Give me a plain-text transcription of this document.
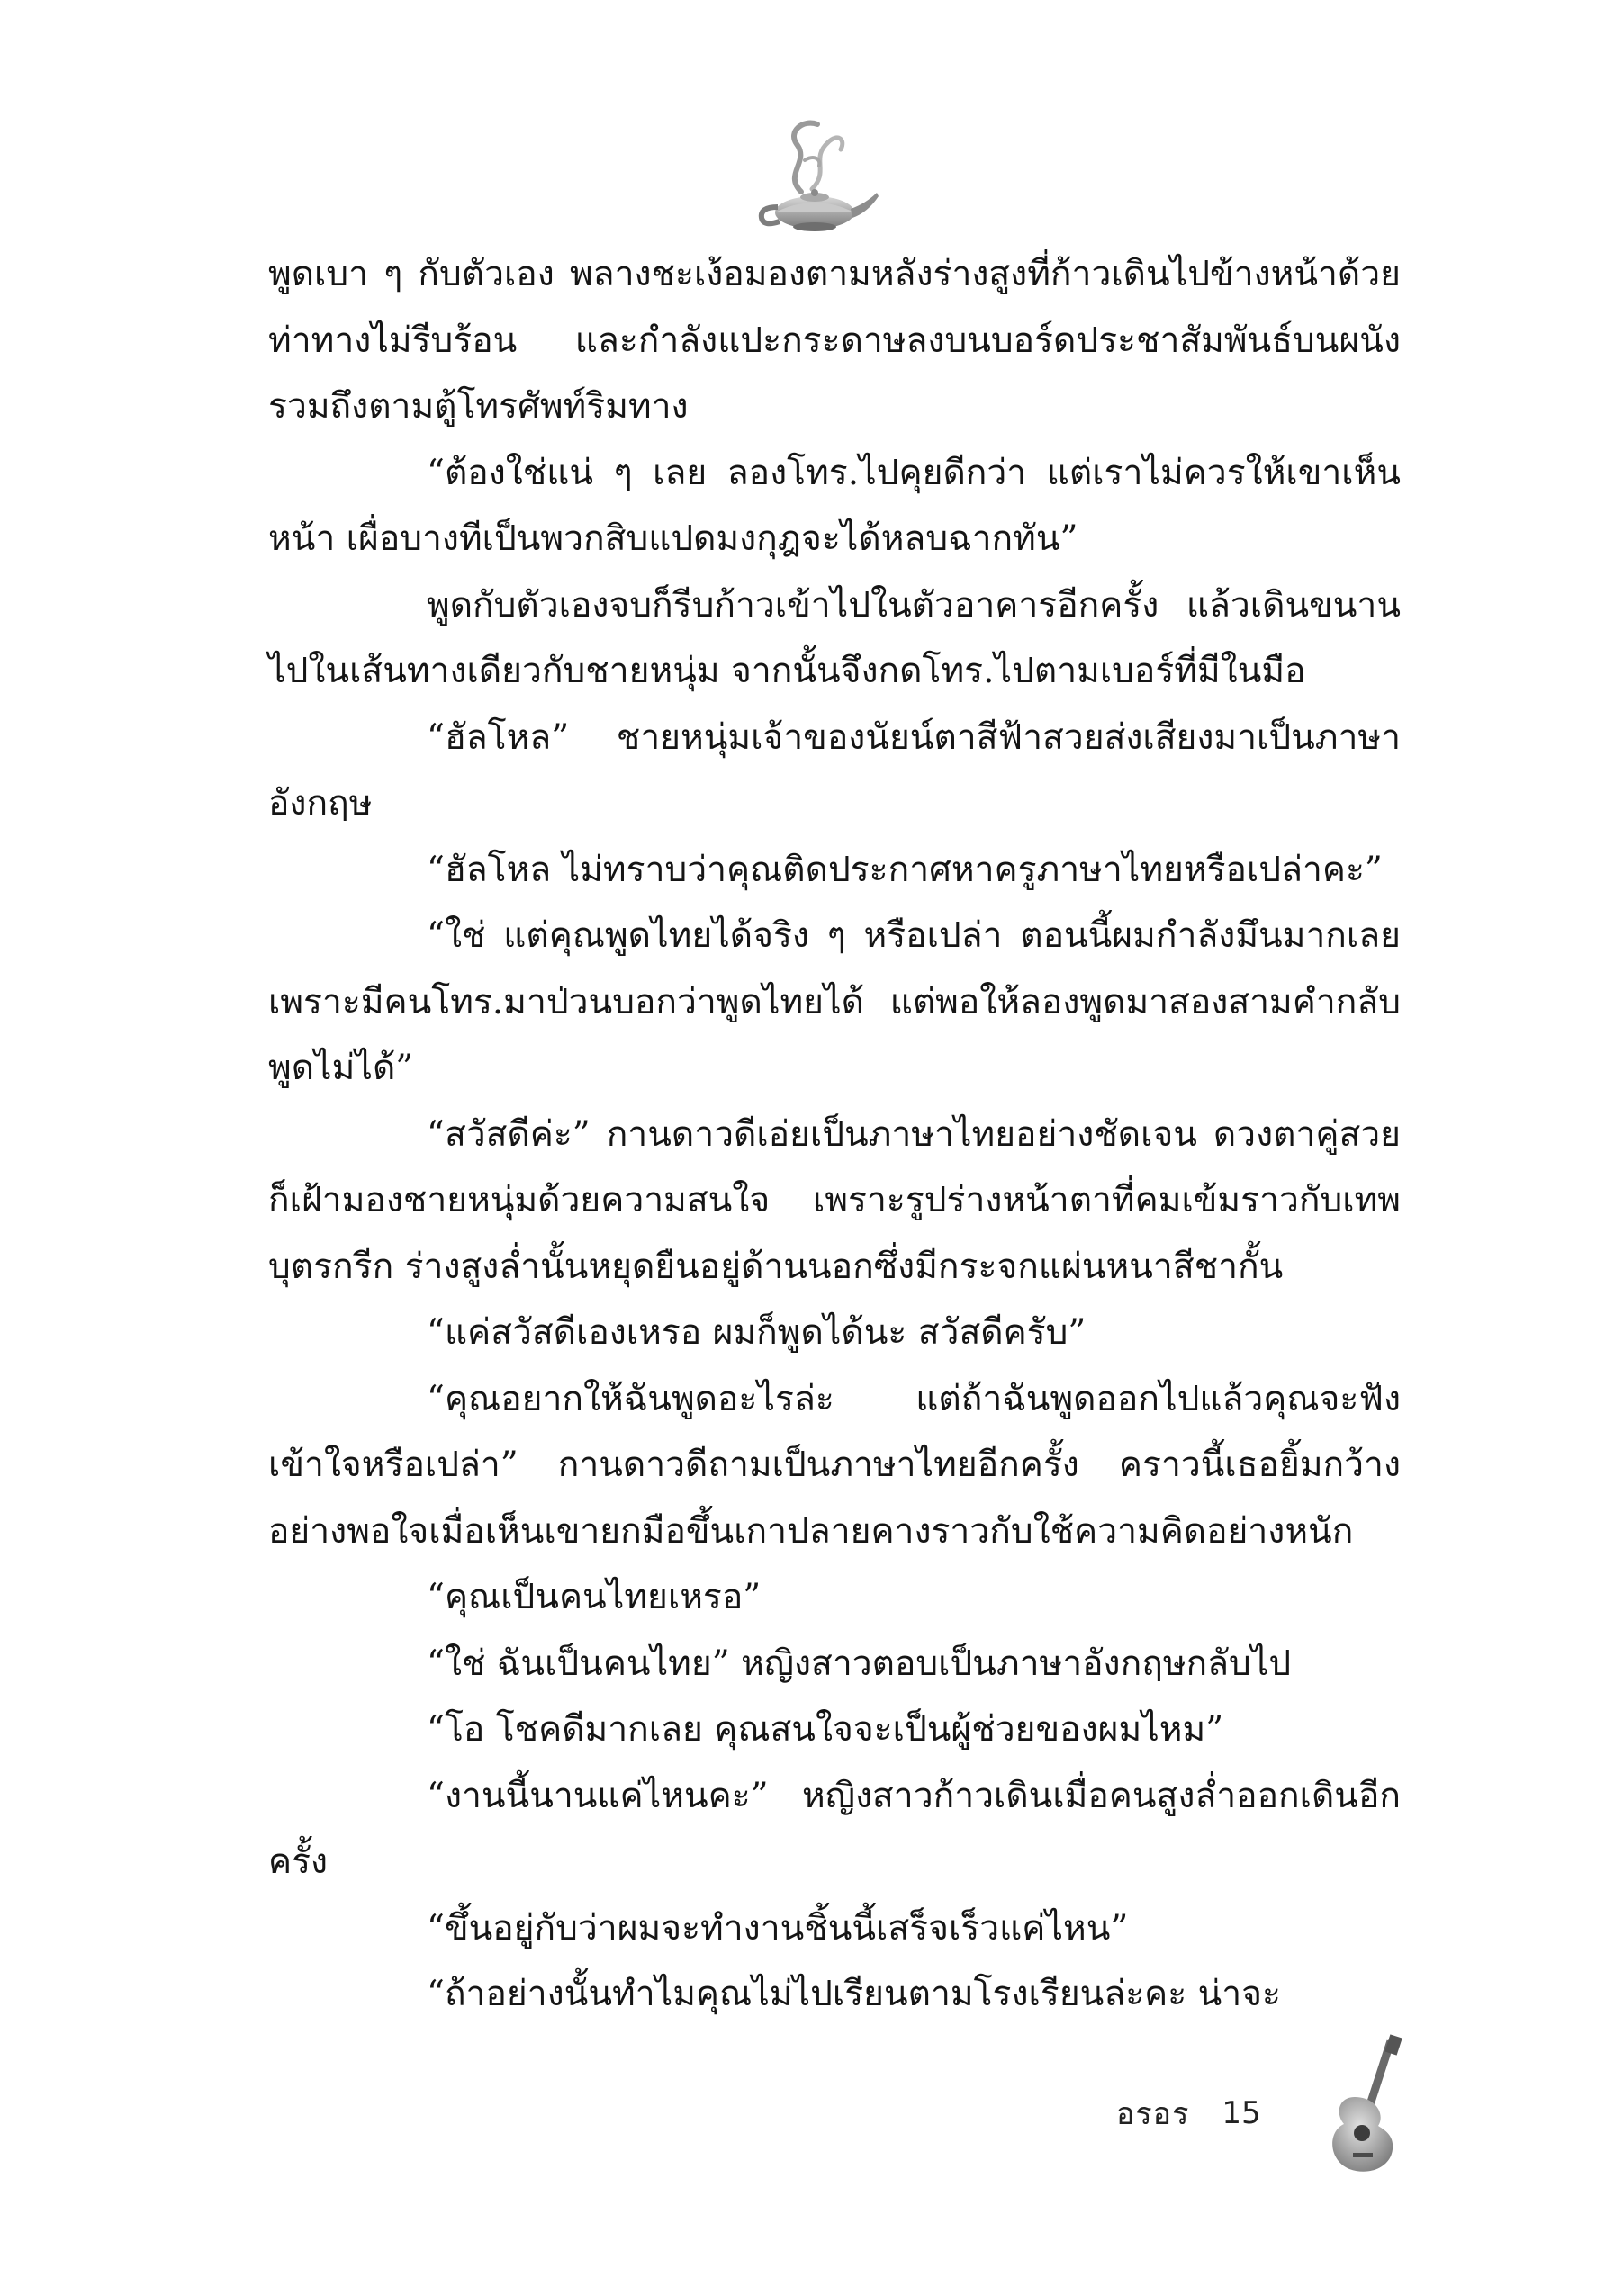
พูดเบา ๆ กับตัวเอง พลางชะเง้อมองตามหลังร่างสูงที่ก้าวเดินไปข้างหน้าด้วยท่าทางไม่รีบร้อน และกำลังแปะกระดาษลงบนบอร์ดประชาสัมพันธ์บนผนังรวมถึงตามตู้โทรศัพท์ริมทาง

“ต้องใช่แน่ ๆ เลย ลองโทร.ไปคุยดีกว่า แต่เราไม่ควรให้เขาเห็นหน้า เผื่อบางทีเป็นพวกสิบแปดมงกุฎจะได้หลบฉากทัน”

พูดกับตัวเองจบก็รีบก้าวเข้าไปในตัวอาคารอีกครั้ง แล้วเดินขนานไปในเส้นทางเดียวกับชายหนุ่ม จากนั้นจึงกดโทร.ไปตามเบอร์ที่มีในมือ

“ฮัลโหล” ชายหนุ่มเจ้าของนัยน์ตาสีฟ้าสวยส่งเสียงมาเป็นภาษาอังกฤษ

“ฮัลโหล ไม่ทราบว่าคุณติดประกาศหาครูภาษาไทยหรือเปล่าคะ”

“ใช่ แต่คุณพูดไทยได้จริง ๆ หรือเปล่า ตอนนี้ผมกำลังมึนมากเลยเพราะมีคนโทร.มาป่วนบอกว่าพูดไทยได้ แต่พอให้ลองพูดมาสองสามคำกลับพูดไม่ได้”

“สวัสดีค่ะ” กานดาวดีเอ่ยเป็นภาษาไทยอย่างชัดเจน ดวงตาคู่สวยก็เฝ้ามองชายหนุ่มด้วยความสนใจ เพราะรูปร่างหน้าตาที่คมเข้มราวกับเทพบุตรกรีก ร่างสูงลํ่านั้นหยุดยืนอยู่ด้านนอกซึ่งมีกระจกแผ่นหนาสีชากั้น

“แค่สวัสดีเองเหรอ ผมก็พูดได้นะ สวัสดีครับ”

“คุณอยากให้ฉันพูดอะไรล่ะ แต่ถ้าฉันพูดออกไปแล้วคุณจะฟังเข้าใจหรือเปล่า” กานดาวดีถามเป็นภาษาไทยอีกครั้ง คราวนี้เธอยิ้มกว้างอย่างพอใจเมื่อเห็นเขายกมือขึ้นเกาปลายคางราวกับใช้ความคิดอย่างหนัก

“คุณเป็นคนไทยเหรอ”

“ใช่ ฉันเป็นคนไทย” หญิงสาวตอบเป็นภาษาอังกฤษกลับไป

“โอ โชคดีมากเลย คุณสนใจจะเป็นผู้ช่วยของผมไหม”

“งานนี้นานแค่ไหนคะ” หญิงสาวก้าวเดินเมื่อคนสูงลํ่าออกเดินอีกครั้ง

“ขึ้นอยู่กับว่าผมจะทำงานชิ้นนี้เสร็จเร็วแค่ไหน”

“ถ้าอย่างนั้นทำไมคุณไม่ไปเรียนตามโรงเรียนล่ะคะ น่าจะ

อรอร 15
